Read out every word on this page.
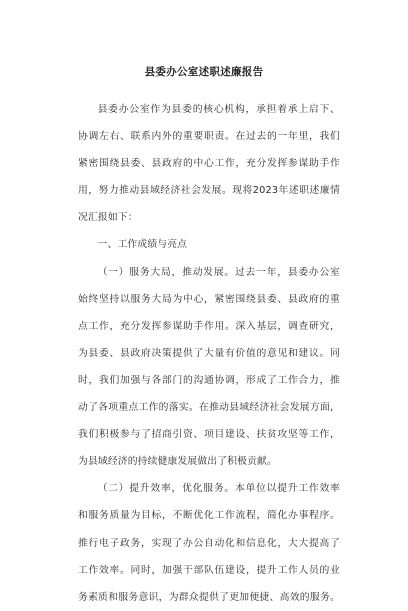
县委办公室述职述廉报告
县委办公室作为县委的核心机构，承担着承上启下、
协调左右、联系内外的重要职责。在过去的一年里，我们
紧密围绕县委、县政府的中心工作，充分发挥参谋助手作
用，努力推动县域经济社会发展。现将2023年述职述廉情
况汇报如下：
一、工作成绩与亮点
（一）服务大局，推动发展。过去一年，县委办公室
始终坚持以服务大局为中心，紧密围绕县委、县政府的重
点工作，充分发挥参谋助手作用。深入基层，调查研究，
为县委、县政府决策提供了大量有价值的意见和建议。同
时，我们加强与各部门的沟通协调，形成了工作合力，推
动了各项重点工作的落实。在推动县域经济社会发展方面，
我们积极参与了招商引资、项目建设、扶贫攻坚等工作，
为县域经济的持续健康发展做出了积极贡献。
（二）提升效率，优化服务。本单位以提升工作效率
和服务质量为目标，不断优化工作流程，简化办事程序。
推行电子政务，实现了办公自动化和信息化，大大提高了
工作效率。同时，加强干部队伍建设，提升工作人员的业
务素质和服务意识，为群众提供了更加便捷、高效的服务。
